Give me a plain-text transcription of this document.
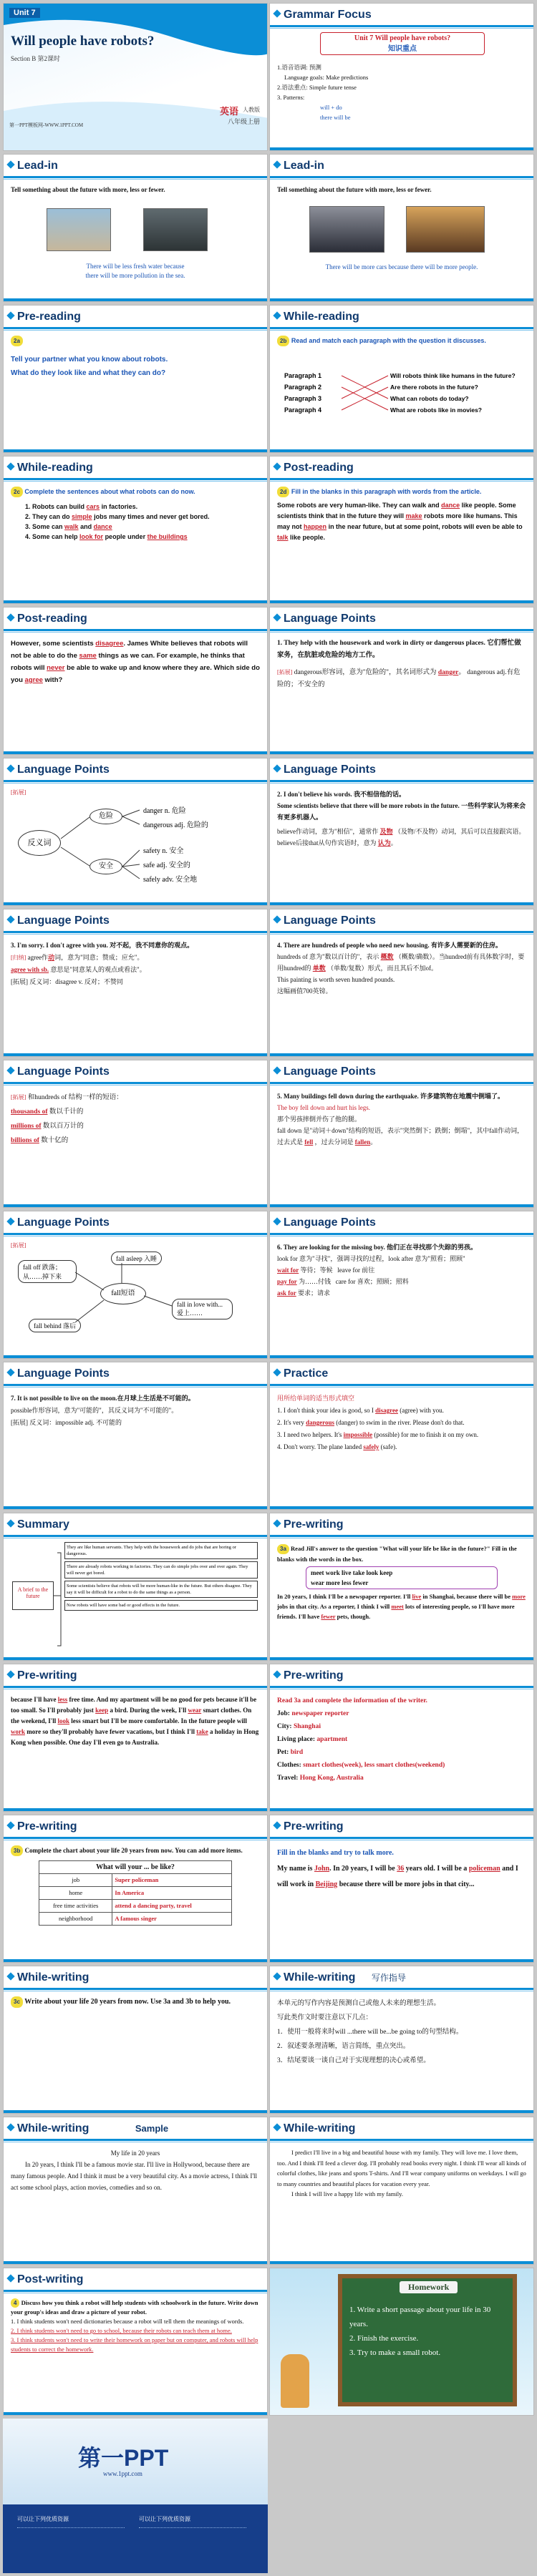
Unit 7
Will people have robots?
Section B 第2课时
英语 人教版
八年级上册
第一PPT模板网-WWW.1PPT.COM
Grammar Focus
Unit 7 Will people have robots?
知识重点
1.语音语调: 预测
Language goals: Make predictions
2.语法重点: Simple future tense
3. Patterns:
will + do
there will be
Lead-in
Tell something about the future with more, less or fewer.
There will be less fresh water because
there will be more pollution in the sea.
Lead-in
Tell something about the future with more, less or fewer.
There will be more cars because there will be more people.
Pre-reading
2a
Tell your partner what you know about robots.
What do they look like and what they can do?
While-reading
2b Read and match each paragraph with the question it discusses.
Paragraph 1
Paragraph 2
Paragraph 3
Paragraph 4
Will robots think like humans in the future?
Are there robots in the future?
What can robots do today?
What are robots like in movies?
While-reading
2c Complete the sentences about what robots can do now.
1. Robots can build cars in factories.
2. They can do simple jobs many times and never get bored.
3. Some can walk and dance
4. Some can help look for people under the buildings
Post-reading
2d Fill in the blanks in this paragraph with words from the article.
Some robots are very human-like. They can walk and dance like people. Some scientists think that in the future they will make robots more like humans. This may not happen in the near future, but at some point, robots will even be able to talk like people.
Post-reading
However, some scientists disagree. James White believes that robots will not be able to do the same things as we can. For example, he thinks that robots will never be able to wake up and know where they are. Which side do you agree with?
Language Points
1. They help with the housework and work in dirty or dangerous places. 它们帮忙做家务，在肮脏或危险的地方工作。
[拓展] dangerous形容词，意为"危险的"，其名词形式为 danger。 dangerous adj.有危险的；不安全的
Language Points
[拓展]
反义词
危险
安全
danger n. 危险
dangerous adj. 危险的
safety n. 安全
safe adj. 安全的
safely adv. 安全地
Language Points
2. I don't believe his words. 我不相信他的话。
Some scientists believe that there will be more robots in the future. 一些科学家认为将来会有更多机器人。
believe作动词，意为"相信"，通常作 及物 （及物/不及物）动词，其后可以直接跟宾语。believe后接that从句作宾语时，意为 认为。
Language Points
3. I'm sorry. I don't agree with you. 对不起，我不同意你的观点。
[归纳] agree作动词，意为"同意；赞成；应允"。
agree with sb. 意思是"同意某人的观点或看法"。
[拓展] 反义词：disagree v. 反对；不赞同
Language Points
4. There are hundreds of people who need new housing. 有许多人需要新的住房。
hundreds of 意为"数以百计的"，表示 概数 （概数/确数）。当hundred前有具体数字时，要用hundred的 单数 （单数/复数）形式，而且其后不加of。
This painting is worth seven hundred pounds.
这幅画值700英镑。
Language Points
[拓展] 和hundreds of 结构一样的短语：
thousands of 数以千计的
millions of 数以百万计的
billions of 数十亿的
Language Points
5. Many buildings fell down during the earthquake. 许多建筑物在地震中倒塌了。
The boy fell down and hurt his legs.
那个男孩摔倒并伤了他的腿。
fall down 是"动词＋down"结构的短语，表示"突然倒下；跌倒；倒塌"，其中fall作动词，过去式是 fell ，过去分词是 fallen。
Language Points
[拓展]
fall短语
fall off 跌落；从……掉下来
fall asleep 入睡
fall in love with... 爱上……
fall behind 落后
Language Points
6. They are looking for the missing boy. 他们正在寻找那个失踪的男孩。
look for 意为"寻找"，强调寻找的过程，look after 意为"照看；照顾"
wait for 等待；等候 leave for 前往
pay for 为……付钱 care for 喜欢；照顾；照料
ask for 要求；请求
Language Points
7. It is not possible to live on the moon.在月球上生活是不可能的。
possible作形容词，意为"可能的"，其反义词为"不可能的"。
[拓展] 反义词：impossible adj. 不可能的
Practice
用所给单词的适当形式填空
1. I don't think your idea is good, so I disagree (agree) with you.
2. It's very dangerous (danger) to swim in the river. Please don't do that.
3. I need two helpers. It's impossible (possible) for me to finish it on my own.
4. Don't worry. The plane landed safely (safe).
Summary
A brief to the future
They are like human servants. They help with the housework and do jobs that are boring or dangerous.
There are already robots working in factories. They can do simple jobs over and over again. They will never get bored.
Some scientists believe that robots will be more human-like in the future. But others disagree. They say it will be difficult for a robot to do the same things as a person.
Now robots will have some bad or good effects in the future.
Pre-writing
3a Read Jill's answer to the question "What will your life be like in the future?" Fill in the blanks with the words in the box.
meet work live take look keep
wear more less fewer
In 20 years, I think I'll be a newspaper reporter. I'll live in Shanghai, because there will be more jobs in that city. As a reporter, I think I will meet lots of interesting people, so I'll have more friends. I'll have fewer pets, though.
Pre-writing
because I'll have less free time. And my apartment will be no good for pets because it'll be too small. So I'll probably just keep a bird. During the week, I'll wear smart clothes. On the weekend, I'll look less smart but I'll be more comfortable. In the future people will work more so they'll probably have fewer vacations, but I think I'll take a holiday in Hong Kong when possible. One day I'll even go to Australia.
Pre-writing
Read 3a and complete the information of the writer.
Job: newspaper reporter
City: Shanghai
Living place: apartment
Pet: bird
Clothes: smart clothes(week), less smart clothes(weekend)
Travel: Hong Kong, Australia
Pre-writing
3b Complete the chart about your life 20 years from now. You can add more items.
What will your ... be like?	
job	Super policeman
home	In America
free time activities	attend a dancing party, travel
neighborhood	A famous singer
Pre-writing
Fill in the blanks and try to talk more.
My name is John. In 20 years, I will be 36 years old. I will be a policeman and I will work in Beijing because there will be more jobs in that city...
While-writing
3c Write about your life 20 years from now. Use 3a and 3b to help you.
While-writing 写作指导
本单元的写作内容是预测自己或他人未来的理想生活。
写此类作文时要注意以下几点：
1．使用一般将来时will ...there will be...be going to的句型结构。
2．叙述要条理清晰，语言简练，重点突出。
3．结尾要谈一谈自己对于实现理想的决心或希望。
While-writing	Sample
My life in 20 years
In 20 years, I think I'll be a famous movie star. I'll live in Hollywood, because there are many famous people. And I think it must be a very beautiful city. As a movie actress, I think I'll act some school plays, action movies, comedies and so on.
While-writing
I predict I'll live in a big and beautiful house with my family. They will love me. I love them, too. And I think I'll feed a clever dog. I'll probably read books every night. I think I'll wear all kinds of colorful clothes, like jeans and sports T-shirts. And I'll wear company uniforms on weekdays. I will go to many countries and beautiful places for vacation every year.
I think I will live a happy life with my family.
Post-writing
4 Discuss how you think a robot will help students with schoolwork in the future. Write down your group's ideas and draw a picture of your robot.
1. I think students won't need dictionaries because a robot will tell them the meanings of words.
2. I think students won't need to go to school, because their robots can teach them at home.
3. I think students won't need to write their homework on paper but on computer, and robots will help students to correct the homework.
Homework
1. Write a short passage about your life in 30 years.
2. Finish the exercise.
3. Try to make a small robot.
第一PPT
www.1ppt.com
可以让下列优质资源	可以让下列优质资源
